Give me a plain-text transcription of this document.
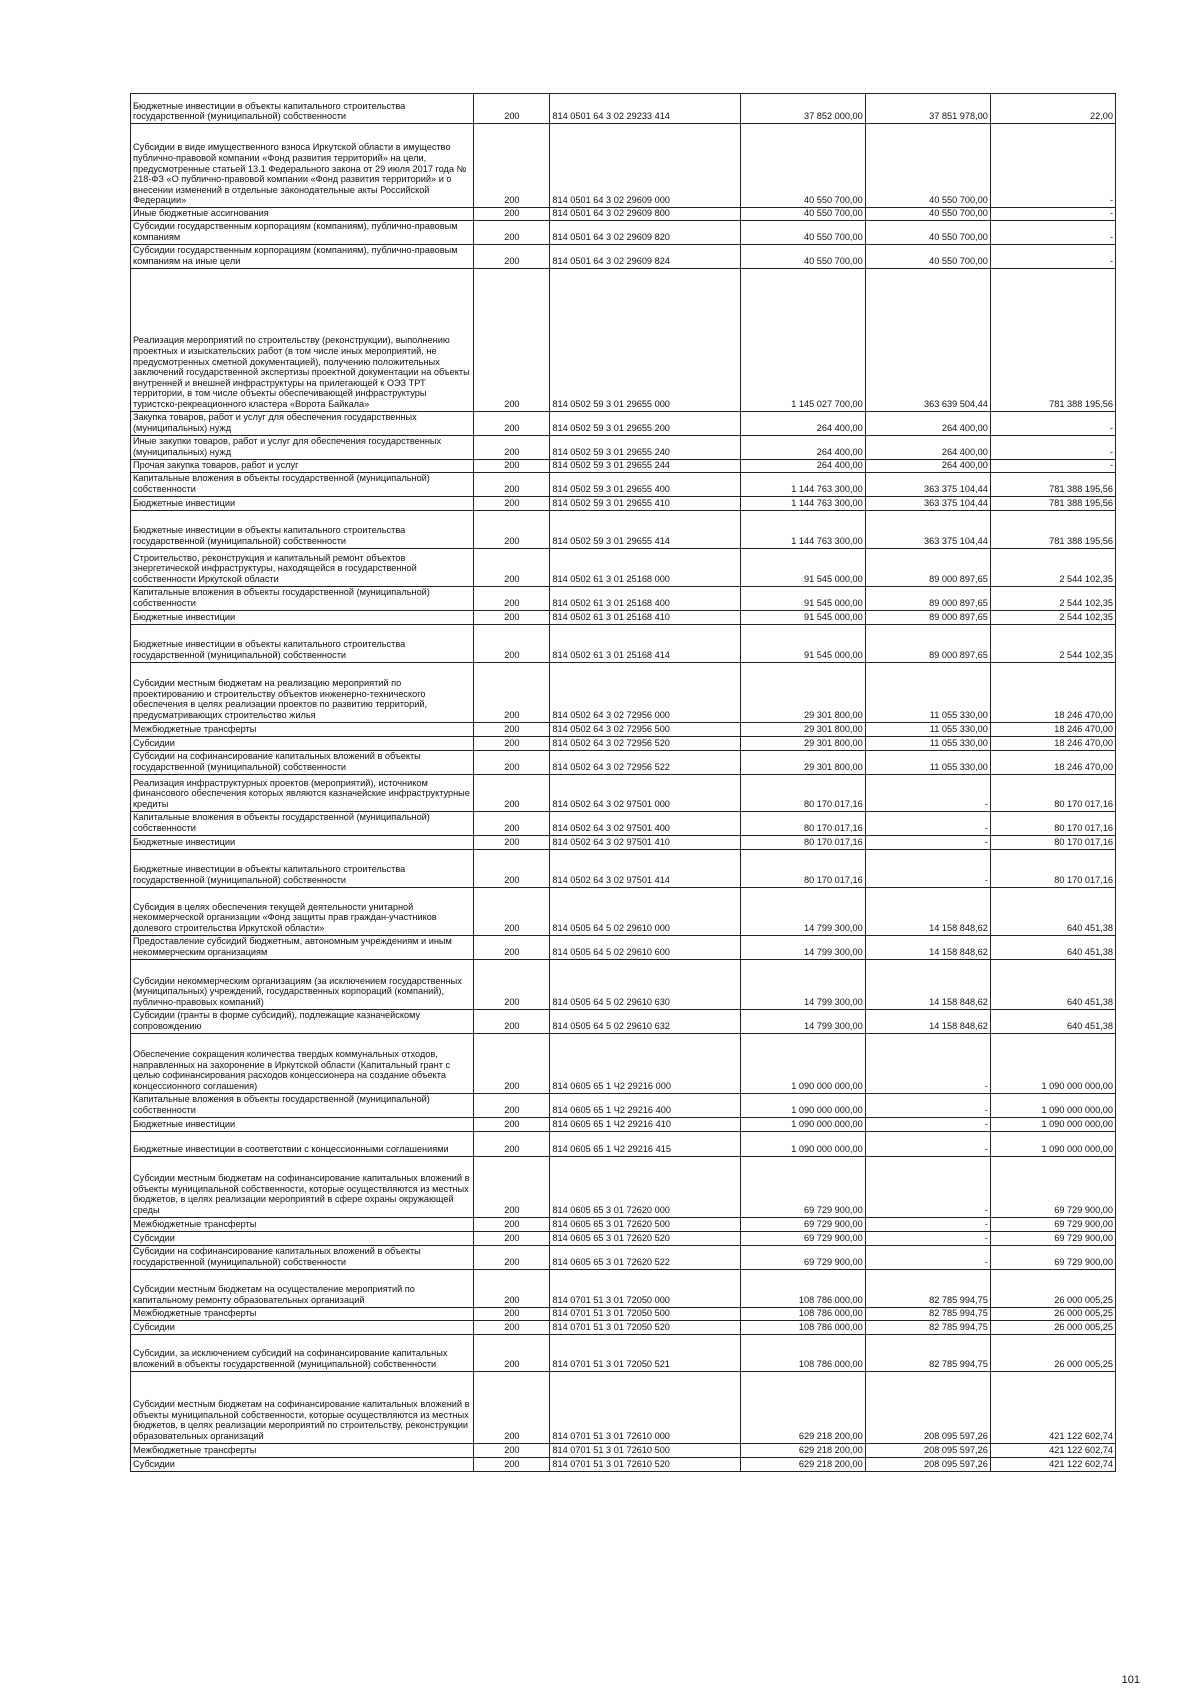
Бюджетные инвестиции в объекты капитального строительства государственной (муниципальной) собственности	200	814 0501 64 3 02 29233 414	37 852 000,00	37 851 978,00	22,00
Субсидии в виде имущественного взноса Иркутской области в имущество публично-правовой компании «Фонд развития территорий» на цели, предусмотренные статьей 13.1 Федерального закона от 29 июля 2017 года № 218-ФЗ «О публично-правовой компании «Фонд развития территорий» и о внесении изменений в отдельные законодательные акты Российской Федерации»	200	814 0501 64 3 02 29609 000	40 550 700,00	40 550 700,00	-
Иные бюджетные ассигнования	200	814 0501 64 3 02 29609 800	40 550 700,00	40 550 700,00	-
Субсидии государственным корпорациям (компаниям), публично-правовым компаниям	200	814 0501 64 3 02 29609 820	40 550 700,00	40 550 700,00	-
Субсидии государственным корпорациям (компаниям), публично-правовым компаниям на иные цели	200	814 0501 64 3 02 29609 824	40 550 700,00	40 550 700,00	-
Реализация мероприятий по строительству (реконструкции), выполнению проектных и изыскательских работ (в том числе иных мероприятий, не предусмотренных сметной документацией), получению положительных заключений государственной экспертизы проектной документации на объекты внутренней и внешней инфраструктуры на прилегающей к ОЭЗ ТРТ территории, в том числе объекты обеспечивающей инфраструктуры туристско-рекреационного кластера «Ворота Байкала»	200	814 0502 59 3 01 29655 000	1 145 027 700,00	363 639 504,44	781 388 195,56
Закупка товаров, работ и услуг для обеспечения государственных (муниципальных) нужд	200	814 0502 59 3 01 29655 200	264 400,00	264 400,00	-
Иные закупки товаров, работ и услуг для обеспечения государственных (муниципальных) нужд	200	814 0502 59 3 01 29655 240	264 400,00	264 400,00	-
Прочая закупка товаров, работ и услуг	200	814 0502 59 3 01 29655 244	264 400,00	264 400,00	-
Капитальные вложения в объекты государственной (муниципальной) собственности	200	814 0502 59 3 01 29655 400	1 144 763 300,00	363 375 104,44	781 388 195,56
Бюджетные инвестиции	200	814 0502 59 3 01 29655 410	1 144 763 300,00	363 375 104,44	781 388 195,56
Бюджетные инвестиции в объекты капитального строительства государственной (муниципальной) собственности	200	814 0502 59 3 01 29655 414	1 144 763 300,00	363 375 104,44	781 388 195,56
Строительство, реконструкция и капитальный ремонт объектов энергетической инфраструктуры, находящейся в государственной собственности Иркутской области	200	814 0502 61 3 01 25168 000	91 545 000,00	89 000 897,65	2 544 102,35
Капитальные вложения в объекты государственной (муниципальной) собственности	200	814 0502 61 3 01 25168 400	91 545 000,00	89 000 897,65	2 544 102,35
Бюджетные инвестиции	200	814 0502 61 3 01 25168 410	91 545 000,00	89 000 897,65	2 544 102,35
Бюджетные инвестиции в объекты капитального строительства государственной (муниципальной) собственности	200	814 0502 61 3 01 25168 414	91 545 000,00	89 000 897,65	2 544 102,35
Субсидии местным бюджетам на реализацию мероприятий по проектированию и строительству объектов инженерно-технического обеспечения в целях реализации проектов по развитию территорий, предусматривающих строительство жилья	200	814 0502 64 3 02 72956 000	29 301 800,00	11 055 330,00	18 246 470,00
Межбюджетные трансферты	200	814 0502 64 3 02 72956 500	29 301 800,00	11 055 330,00	18 246 470,00
Субсидии	200	814 0502 64 3 02 72956 520	29 301 800,00	11 055 330,00	18 246 470,00
Субсидии на софинансирование капитальных вложений в объекты государственной (муниципальной) собственности	200	814 0502 64 3 02 72956 522	29 301 800,00	11 055 330,00	18 246 470,00
Реализация инфраструктурных проектов (мероприятий), источником финансового обеспечения которых являются казначейские инфраструктурные кредиты	200	814 0502 64 3 02 97501 000	80 170 017,16	-	80 170 017,16
Капитальные вложения в объекты государственной (муниципальной) собственности	200	814 0502 64 3 02 97501 400	80 170 017,16	-	80 170 017,16
Бюджетные инвестиции	200	814 0502 64 3 02 97501 410	80 170 017,16	-	80 170 017,16
Бюджетные инвестиции в объекты капитального строительства государственной (муниципальной) собственности	200	814 0502 64 3 02 97501 414	80 170 017,16	-	80 170 017,16
Субсидия в целях обеспечения текущей деятельности унитарной некоммерческой организации «Фонд защиты прав граждан-участников долевого строительства Иркутской области»	200	814 0505 64 5 02 29610 000	14 799 300,00	14 158 848,62	640 451,38
Предоставление субсидий бюджетным, автономным учреждениям и иным некоммерческим организациям	200	814 0505 64 5 02 29610 600	14 799 300,00	14 158 848,62	640 451,38
Субсидии некоммерческим организациям (за исключением государственных (муниципальных) учреждений, государственных корпораций (компаний), публично-правовых компаний)	200	814 0505 64 5 02 29610 630	14 799 300,00	14 158 848,62	640 451,38
Субсидии (гранты в форме субсидий), подлежащие казначейскому сопровождению	200	814 0505 64 5 02 29610 632	14 799 300,00	14 158 848,62	640 451,38
Обеспечение сокращения количества твердых коммунальных отходов, направленных на захоронение в Иркутской области (Капитальный грант с целью софинансирования расходов концессионера на создание объекта концессионного соглашения)	200	814 0605 65 1 Ч2 29216 000	1 090 000 000,00	-	1 090 000 000,00
Капитальные вложения в объекты государственной (муниципальной) собственности	200	814 0605 65 1 Ч2 29216 400	1 090 000 000,00	-	1 090 000 000,00
Бюджетные инвестиции	200	814 0605 65 1 Ч2 29216 410	1 090 000 000,00	-	1 090 000 000,00
Бюджетные инвестиции в соответствии с концессионными соглашениями	200	814 0605 65 1 Ч2 29216 415	1 090 000 000,00	-	1 090 000 000,00
Субсидии местным бюджетам на софинансирование капитальных вложений в объекты муниципальной собственности, которые осуществляются из местных бюджетов, в целях реализации мероприятий в сфере охраны окружающей среды	200	814 0605 65 3 01 72620 000	69 729 900,00	-	69 729 900,00
Межбюджетные трансферты	200	814 0605 65 3 01 72620 500	69 729 900,00	-	69 729 900,00
Субсидии	200	814 0605 65 3 01 72620 520	69 729 900,00	-	69 729 900,00
Субсидии на софинансирование капитальных вложений в объекты государственной (муниципальной) собственности	200	814 0605 65 3 01 72620 522	69 729 900,00	-	69 729 900,00
Субсидии местным бюджетам на осуществление мероприятий по капитальному ремонту образовательных организаций	200	814 0701 51 3 01 72050 000	108 786 000,00	82 785 994,75	26 000 005,25
Межбюджетные трансферты	200	814 0701 51 3 01 72050 500	108 786 000,00	82 785 994,75	26 000 005,25
Субсидии	200	814 0701 51 3 01 72050 520	108 786 000,00	82 785 994,75	26 000 005,25
Субсидии, за исключением субсидий на софинансирование капитальных вложений в объекты государственной (муниципальной) собственности	200	814 0701 51 3 01 72050 521	108 786 000,00	82 785 994,75	26 000 005,25
Субсидии местным бюджетам на софинансирование капитальных вложений в объекты муниципальной собственности, которые осуществляются из местных бюджетов, в целях реализации мероприятий по строительству, реконструкции образовательных организаций	200	814 0701 51 3 01 72610 000	629 218 200,00	208 095 597,26	421 122 602,74
Межбюджетные трансферты	200	814 0701 51 3 01 72610 500	629 218 200,00	208 095 597,26	421 122 602,74
Субсидии	200	814 0701 51 3 01 72610 520	629 218 200,00	208 095 597,26	421 122 602,74
101
